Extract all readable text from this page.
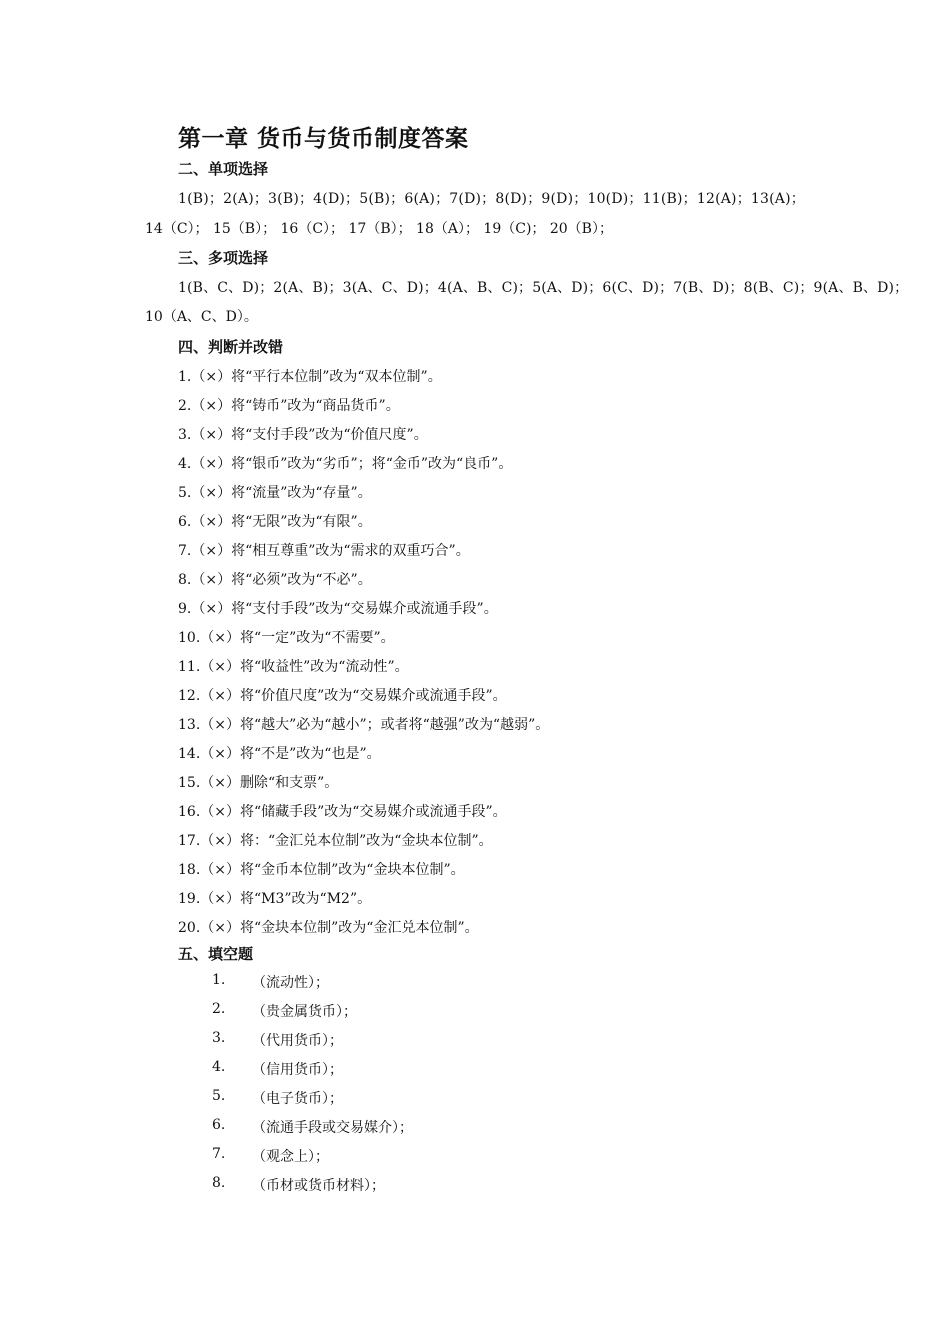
第一章 货币与货币制度答案
二、单项选择
1(B)；2(A)；3(B)；4(D)；5(B)；6(A)；7(D)；8(D)；9(D)；10(D)；11(B)；12(A)；13(A)；
14（C）； 15（B）； 16（C）； 17（B）； 18（A）； 19（C)； 20（B）；
三、多项选择
1(B、C、D)；2(A、B)；3(A、C、D)；4(A、B、C)；5(A、D)；6(C、D)；7(B、D)；8(B、C)；9(A、B、D)；
10（A、C、D）。
四、判断并改错
1.（×）将“平行本位制”改为“双本位制”。
2.（×）将“铸币”改为“商品货币”。
3.（×）将“支付手段”改为“价值尺度”。
4.（×）将“银币”改为“劣币”；将“金币”改为“良币”。
5.（×）将“流量”改为“存量”。
6.（×）将“无限”改为“有限”。
7.（×）将“相互尊重”改为“需求的双重巧合”。
8.（×）将“必须”改为“不必”。
9.（×）将“支付手段”改为“交易媒介或流通手段”。
10.（×）将“一定”改为“不需要”。
11.（×）将“收益性”改为“流动性”。
12.（×）将“价值尺度”改为“交易媒介或流通手段”。
13.（×）将“越大”必为“越小”；或者将“越强”改为“越弱”。
14.（×）将“不是”改为“也是”。
15.（×）删除“和支票”。
16.（×）将“储藏手段”改为“交易媒介或流通手段”。
17.（×）将：“金汇兑本位制”改为“金块本位制”。
18.（×）将“金币本位制”改为“金块本位制”。
19.（×）将“M3”改为“M2”。
20.（×）将“金块本位制”改为“金汇兑本位制”。
五、填空题
1. （流动性）；
2. （贵金属货币）；
3. （代用货币）；
4. （信用货币）；
5. （电子货币）；
6. （流通手段或交易媒介）；
7. （观念上）；
8. （币材或货币材料）；
